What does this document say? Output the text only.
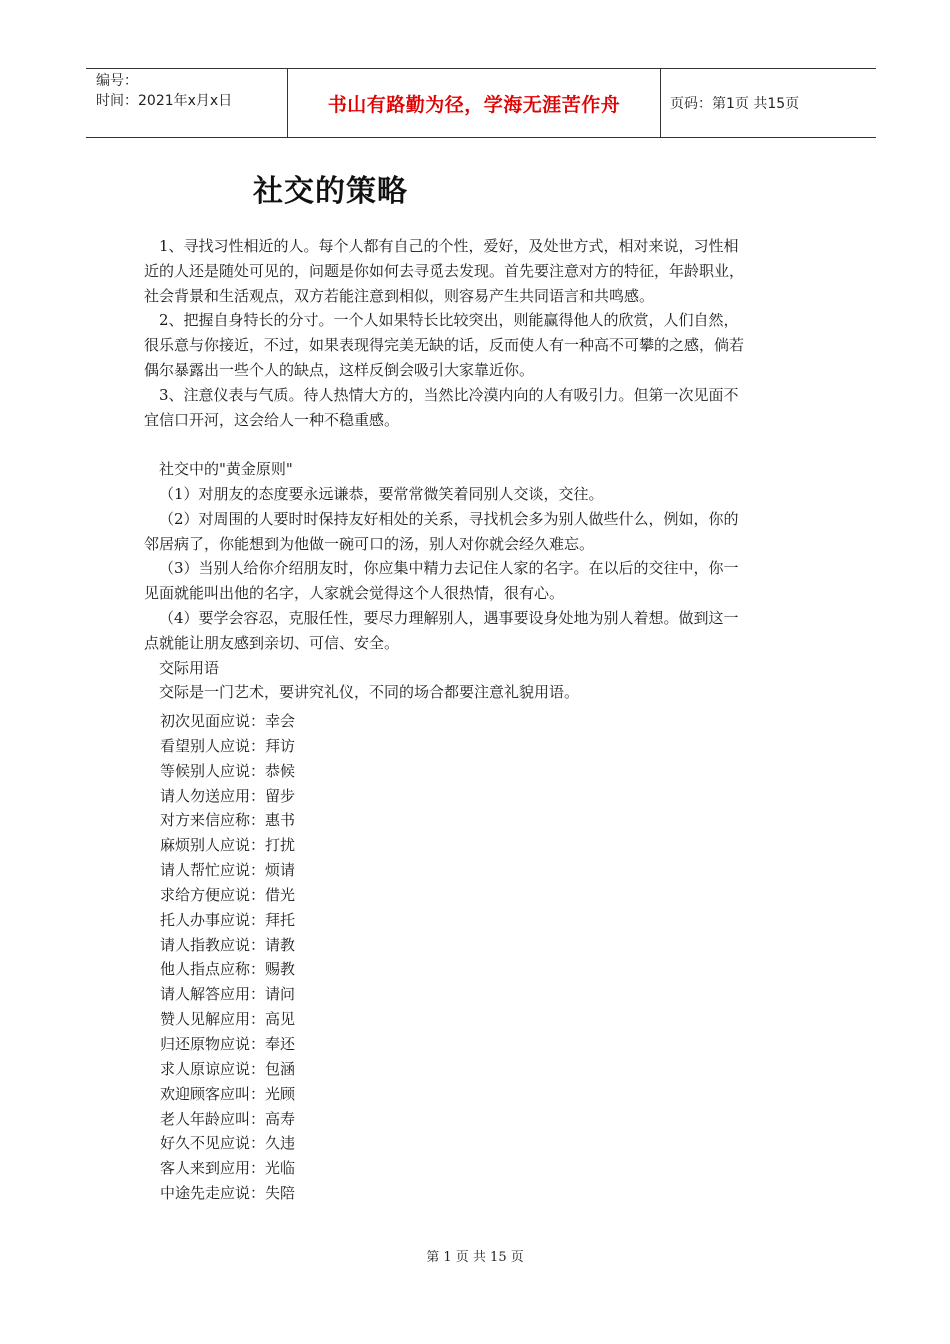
编号：
时间：2021年x月x日	书山有路勤为径，学海无涯苦作舟	页码：第1页 共15页
社交的策略

1、寻找习性相近的人。每个人都有自己的个性，爱好，及处世方式，相对来说，习性相近的人还是随处可见的，问题是你如何去寻觅去发现。首先要注意对方的特征，年龄职业，社会背景和生活观点，双方若能注意到相似，则容易产生共同语言和共鸣感。

2、把握自身特长的分寸。一个人如果特长比较突出，则能赢得他人的欣赏，人们自然，很乐意与你接近，不过，如果表现得完美无缺的话，反而使人有一种高不可攀的之感，倘若偶尔暴露出一些个人的缺点，这样反倒会吸引大家靠近你。

3、注意仪表与气质。待人热情大方的，当然比冷漠内向的人有吸引力。但第一次见面不宜信口开河，这会给人一种不稳重感。

社交中的"黄金原则"

（1）对朋友的态度要永远谦恭，要常常微笑着同别人交谈，交往。

（2）对周围的人要时时保持友好相处的关系，寻找机会多为别人做些什么，例如，你的邻居病了，你能想到为他做一碗可口的汤，别人对你就会经久难忘。

（3）当别人给你介绍朋友时，你应集中精力去记住人家的名字。在以后的交往中，你一见面就能叫出他的名字，人家就会觉得这个人很热情，很有心。

（4）要学会容忍，克服任性，要尽力理解别人，遇事要设身处地为别人着想。做到这一点就能让朋友感到亲切、可信、安全。

交际用语

交际是一门艺术，要讲究礼仪，不同的场合都要注意礼貌用语。

初次见面应说：幸会

看望别人应说：拜访

等候别人应说：恭候

请人勿送应用：留步

对方来信应称：惠书

麻烦别人应说：打扰

请人帮忙应说：烦请

求给方便应说：借光

托人办事应说：拜托

请人指教应说：请教

他人指点应称：赐教

请人解答应用：请问

赞人见解应用：高见

归还原物应说：奉还

求人原谅应说：包涵

欢迎顾客应叫：光顾

老人年龄应叫：高寿

好久不见应说：久违

客人来到应用：光临

中途先走应说：失陪

第 1 页 共 15 页
